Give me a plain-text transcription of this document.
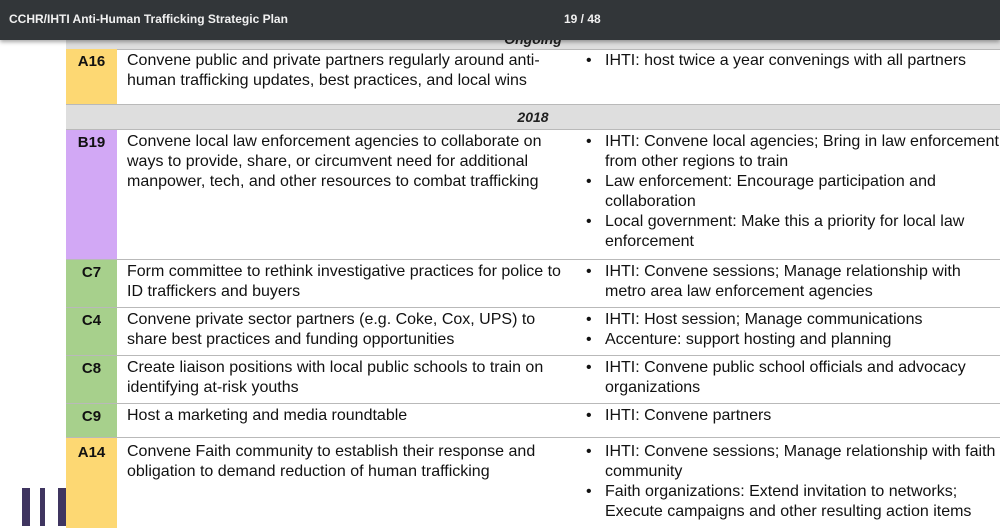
CCHR/IHTI Anti-Human Trafficking Strategic Plan	19 / 48
A16	Convene public and private partners regularly around anti-human trafficking updates, best practices, and local wins
• IHTI: host twice a year convenings with all partners
2018
B19	Convene local law enforcement agencies to collaborate on ways to provide, share, or circumvent need for additional manpower, tech, and other resources to combat trafficking
• IHTI: Convene local agencies; Bring in law enforcement from other regions to train
• Law enforcement: Encourage participation and collaboration
• Local government: Make this a priority for local law enforcement
C7	Form committee to rethink investigative practices for police to ID traffickers and buyers
• IHTI: Convene sessions; Manage relationship with metro area law enforcement agencies
C4	Convene private sector partners (e.g. Coke, Cox, UPS) to share best practices and funding opportunities
• IHTI: Host session; Manage communications
• Accenture: support hosting and planning
C8	Create liaison positions with local public schools to train on identifying at-risk youths
• IHTI: Convene public school officials and advocacy organizations
C9	Host a marketing and media roundtable
•	IHTI: Convene partners
A14	Convene Faith community to establish their response and obligation to demand reduction of human trafficking
• IHTI: Convene sessions; Manage relationship with faith community
• Faith organizations: Extend invitation to networks; Execute campaigns and other resulting action items
